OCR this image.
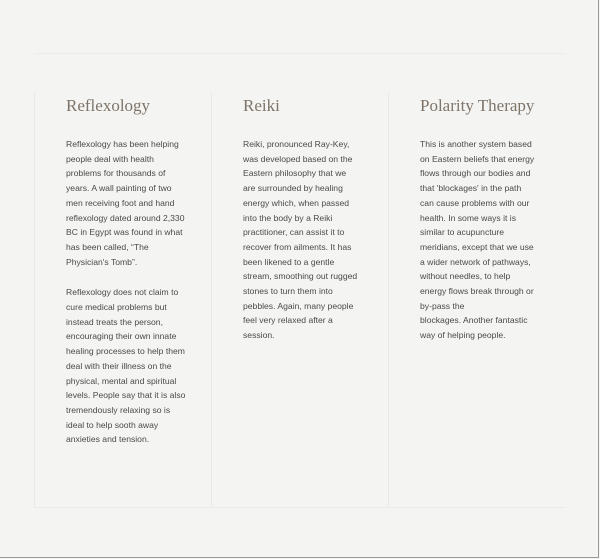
Reflexology

Reflexology has been helping
people deal with health
problems for thousands of
years. A wall painting of two
men receiving foot and hand
reflexology dated around 2,330
BC in Egypt was found in what
has been called, “The
Physician's Tomb”.

Reflexology does not claim to
cure medical problems but
instead treats the person,
encouraging their own innate
healing processes to help them
deal with their illness on the
physical, mental and spiritual
levels. People say that it is also
tremendously relaxing so is
ideal to help sooth away
anxieties and tension.

Reiki

Reiki, pronounced Ray-Key,
was developed based on the
Eastern philosophy that we
are surrounded by healing
energy which, when passed
into the body by a Reiki
practitioner, can assist it to
recover from ailments. It has
been likened to a gentle
stream, smoothing out rugged
stones to turn them into
pebbles. Again, many people
feel very relaxed after a
session.

Polarity Therapy

This is another system based
on Eastern beliefs that energy
flows through our bodies and
that 'blockages' in the path
can cause problems with our
health. In some ways it is
similar to acupuncture
meridians, except that we use
a wider network of pathways,
without needles, to help
energy flows break through or
by-pass the
blockages. Another fantastic
way of helping people.
